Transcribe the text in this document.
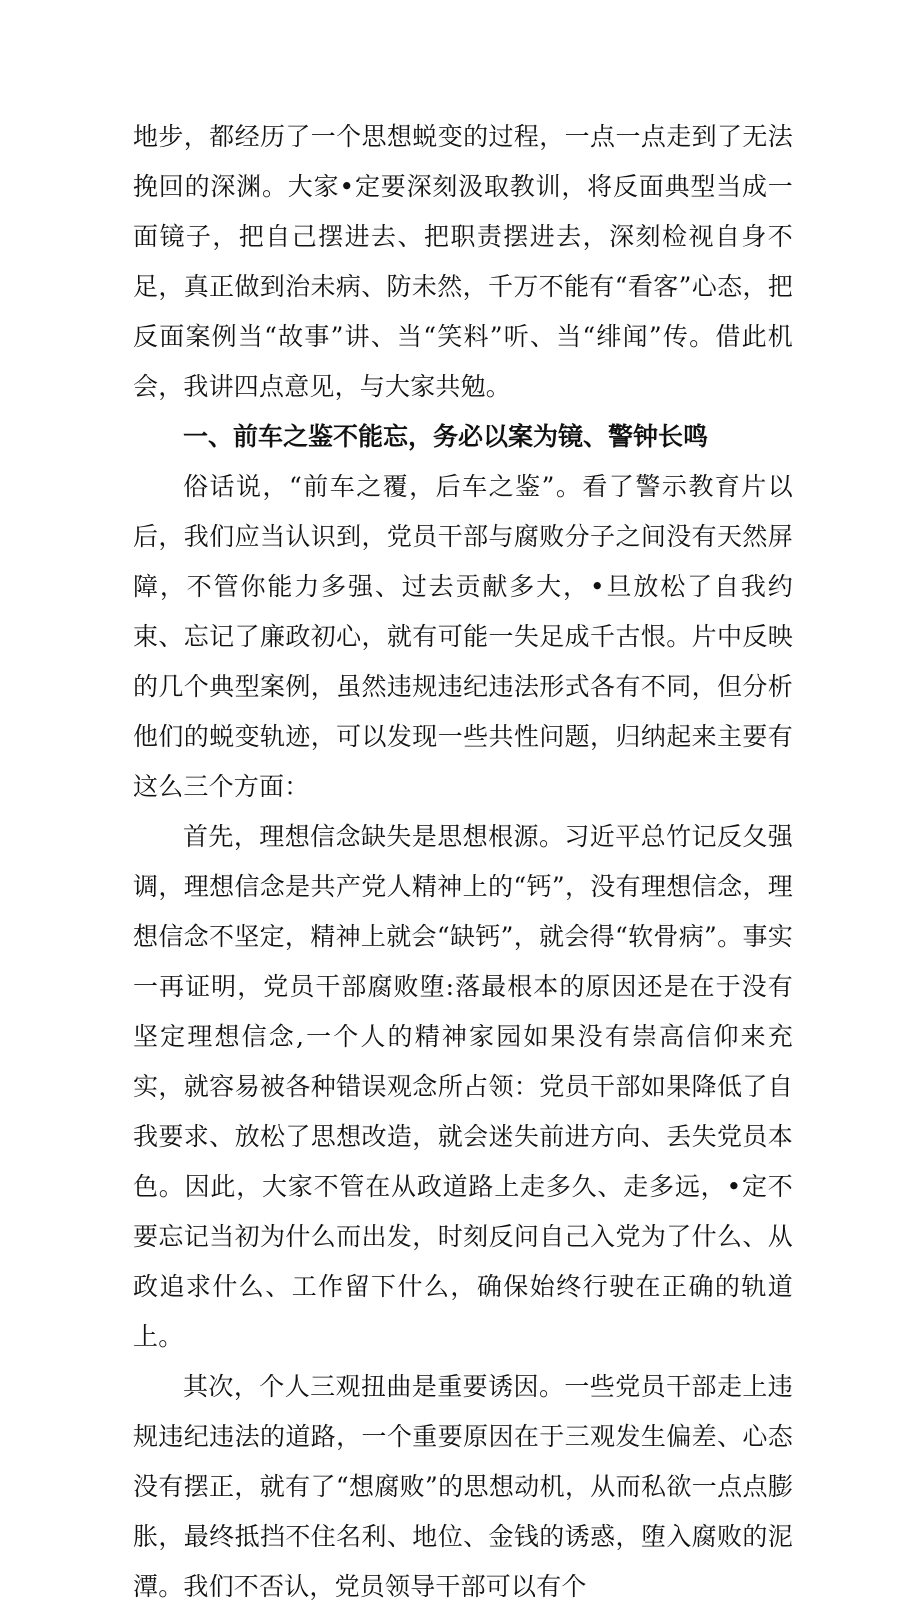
地步，都经历了一个思想蜕变的过程，一点一点走到了无法挽回的深渊。大家•定要深刻汲取教训，将反面典型当成一面镜子，把自己摆进去、把职责摆进去，深刻检视自身不足，真正做到治未病、防未然，千万不能有“看客”心态，把反面案例当“故事”讲、当“笑料”听、当“绯闻”传。借此机会，我讲四点意见，与大家共勉。

一、前车之鉴不能忘，务必以案为镜、警钟长鸣

俗话说，“前车之覆，后车之鉴”。看了警示教育片以后，我们应当认识到，党员干部与腐败分子之间没有天然屏障，不管你能力多强、过去贡献多大，•旦放松了自我约束、忘记了廉政初心，就有可能一失足成千古恨。片中反映的几个典型案例，虽然违规违纪违法形式各有不同，但分析他们的蜕变轨迹，可以发现一些共性问题，归纳起来主要有这么三个方面：

首先，理想信念缺失是思想根源。习近平总竹记反夂强调，理想信念是共产党人精神上的“钙”，没有理想信念，理想信念不坚定，精神上就会“缺钙”，就会得“软骨病”。事实一再证明，党员干部腐败堕:落最根本的原因还是在于没有坚定理想信念,一个人的精神家园如果没有崇高信仰来充实，就容易被各种错误观念所占领：党员干部如果降低了自我要求、放松了思想改造，就会迷失前进方向、丢失党员本色。因此，大家不管在从政道路上走多久、走多远，•定不要忘记当初为什么而出发，时刻反问自己入党为了什么、从政追求什么、工作留下什么，确保始终行驶在正确的轨道上。

其次，个人三观扭曲是重要诱因。一些党员干部走上违规违纪违法的道路，一个重要原因在于三观发生偏差、心态没有摆正，就有了“想腐败”的思想动机，从而私欲一点点膨胀，最终抵挡不住名利、地位、金钱的诱惑，堕入腐败的泥潭。我们不否认，党员领导干部可以有个
